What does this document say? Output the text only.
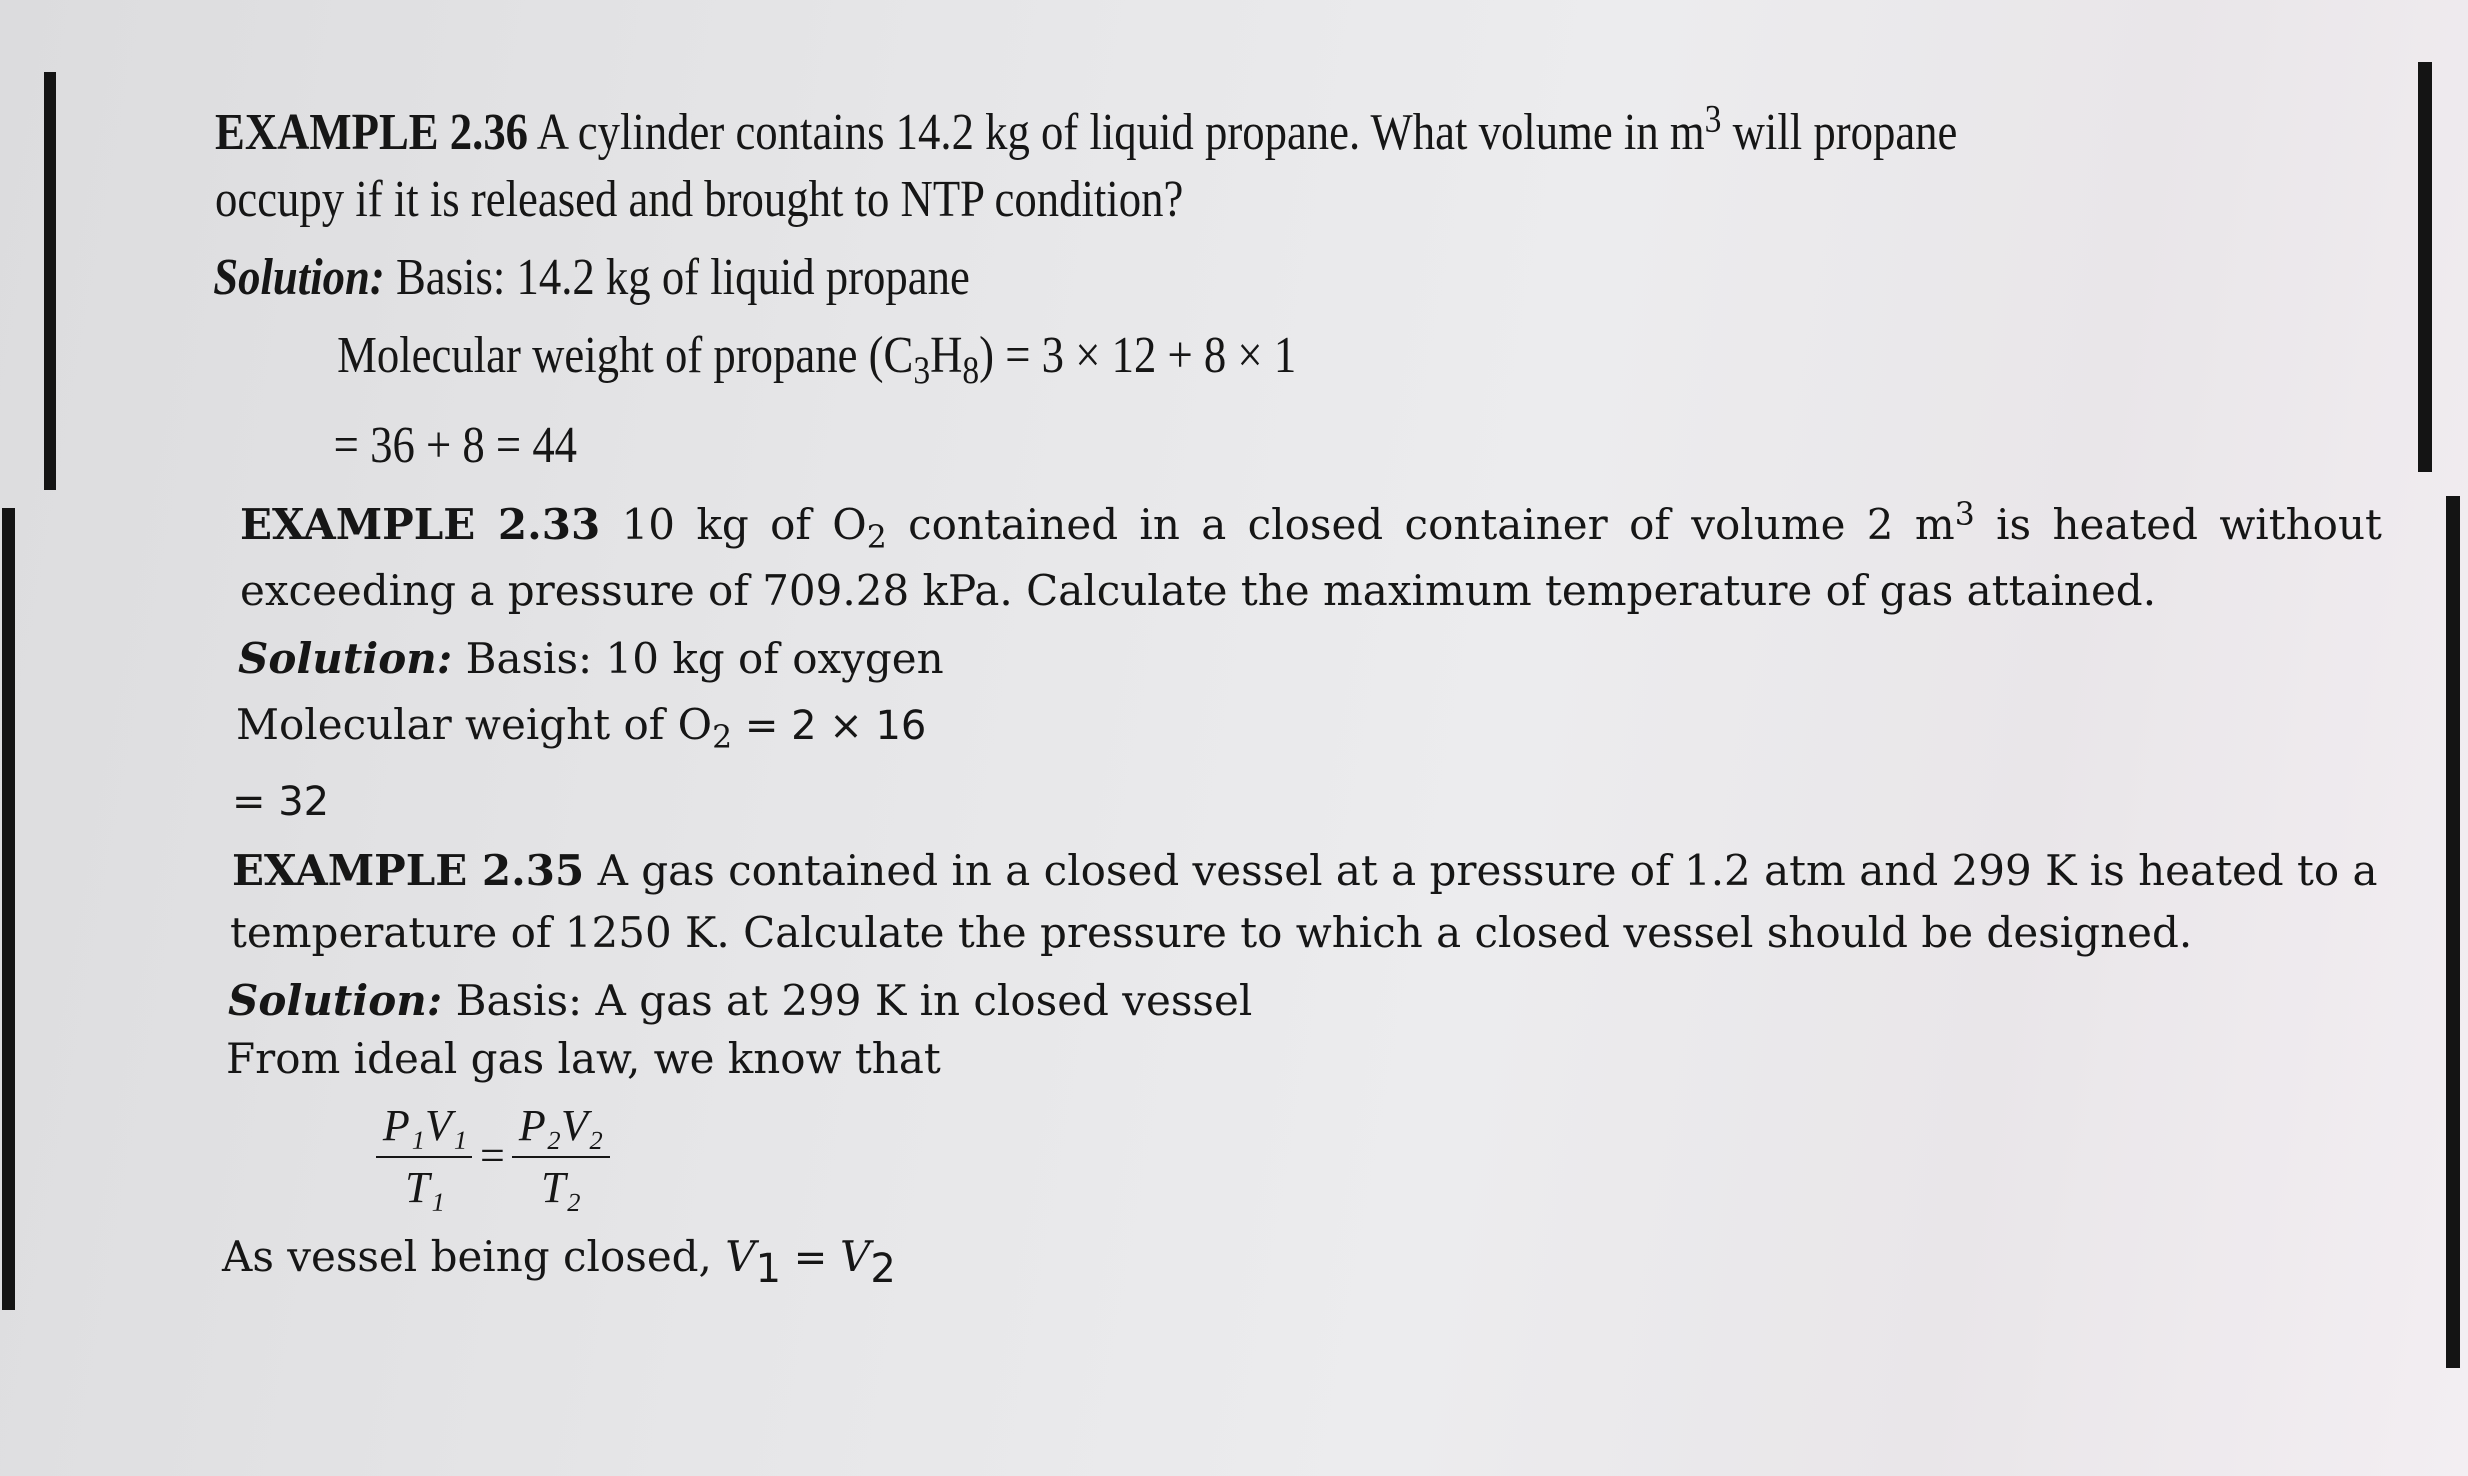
EXAMPLE 2.36 A cylinder contains 14.2 kg of liquid propane. What volume in $m^3$ will propane
occupy if it is released and brought to NTP condition?
Solution: Basis: 14.2 kg of liquid propane
Molecular weight of propane $(C_3H_8) = 3 \times 12 + 8 \times 1$
= 36 + 8 = 44
EXAMPLE 2.33 10 kg of $O_2$ contained in a closed container of volume 2 $m^3$ is heated without
exceeding a pressure of 709.28 kPa. Calculate the maximum temperature of gas attained.
Solution: Basis: 10 kg of oxygen
Molecular weight of $O_2 = 2 \times 16$
= 32
EXAMPLE 2.35 A gas contained in a closed vessel at a pressure of 1.2 atm and 299 K is heated to a
temperature of 1250 K. Calculate the pressure to which a closed vessel should be designed.
Solution: Basis: A gas at 299 K in closed vessel
From ideal gas law, we know that
P₁V₁
T₁
=
P₂V₂
T₂
As vessel being closed, $V_1 = V_2$
